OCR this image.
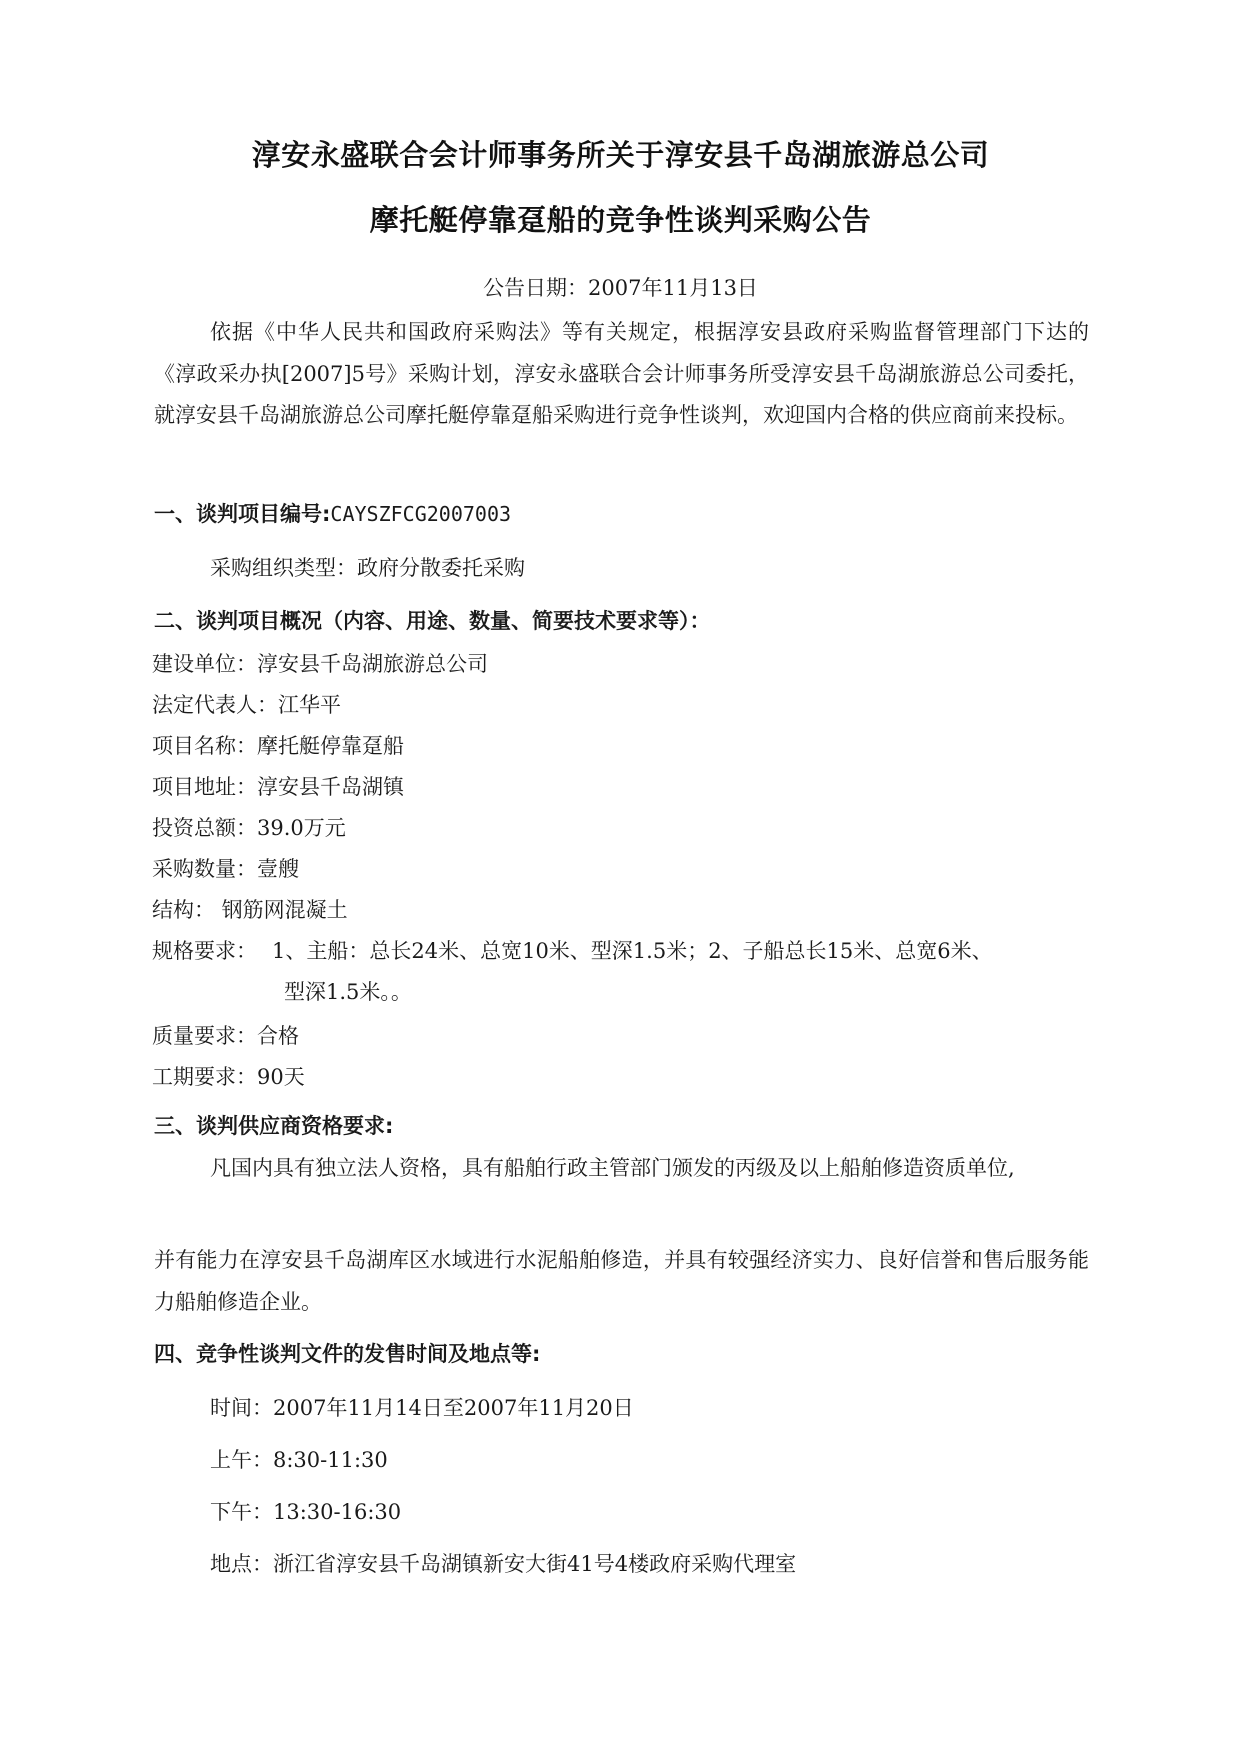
淳安永盛联合会计师事务所关于淳安县千岛湖旅游总公司
摩托艇停靠趸船的竞争性谈判采购公告
公告日期：2007年11月13日
依据《中华人民共和国政府采购法》等有关规定，根据淳安县政府采购监督管理部门下达的《淳政采办执[2007]5号》采购计划，淳安永盛联合会计师事务所受淳安县千岛湖旅游总公司委托，就淳安县千岛湖旅游总公司摩托艇停靠趸船采购进行竞争性谈判，欢迎国内合格的供应商前来投标。
一、谈判项目编号:CAYSZFCG2007003
采购组织类型：政府分散委托采购
二、谈判项目概况（内容、用途、数量、简要技术要求等）：
建设单位：淳安县千岛湖旅游总公司
法定代表人：江华平
项目名称：摩托艇停靠趸船
项目地址：淳安县千岛湖镇
投资总额：39.0万元
采购数量：壹艘
结构： 钢筋网混凝土
规格要求： 1、主船：总长24米、总宽10米、型深1.5米；2、子船总长15米、总宽6米、
型深1.5米。。
质量要求：合格
工期要求：90天
三、谈判供应商资格要求:
凡国内具有独立法人资格，具有船舶行政主管部门颁发的丙级及以上船舶修造资质单位,
并有能力在淳安县千岛湖库区水域进行水泥船舶修造，并具有较强经济实力、良好信誉和售后服务能力船舶修造企业。
四、竞争性谈判文件的发售时间及地点等:
时间：2007年11月14日至2007年11月20日
上午：8:30-11:30
下午：13:30-16:30
地点：浙江省淳安县千岛湖镇新安大街41号4楼政府采购代理室
